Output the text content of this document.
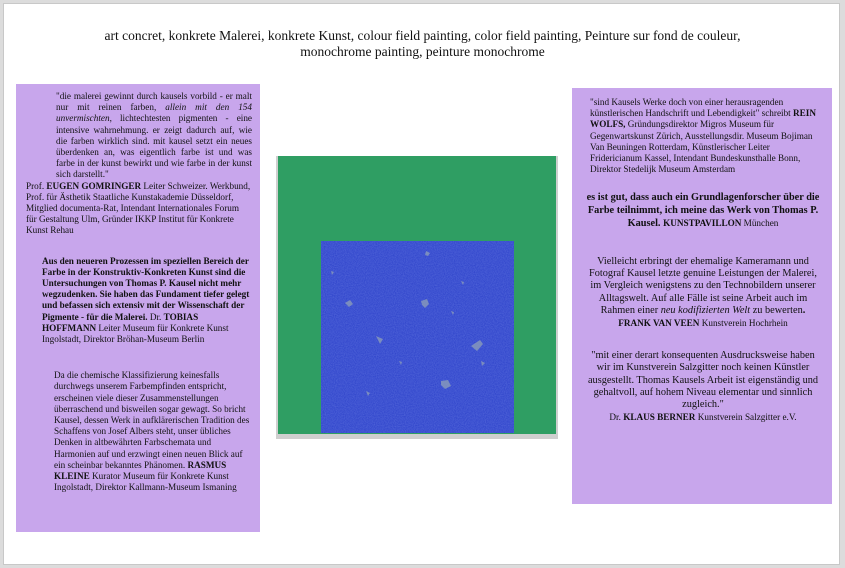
art concret, konkrete Malerei, konkrete Kunst, colour field painting, color field painting, Peinture sur fond de couleur,
monochrome painting, peinture monochrome

"die malerei gewinnt durch kausels vorbild - er malt nur mit reinen farben, allein mit den 154 unvermischten, lichtechtesten pigmenten - eine intensive wahrnehmung. er zeigt dadurch auf, wie die farben wirklich sind. mit kausel setzt ein neues überdenken an, was eigentlich farbe ist und was farbe in der kunst bewirkt und wie farbe in der kunst sich darstellt."

Prof. EUGEN GOMRINGER Leiter Schweizer. Werkbund, Prof. für Ästhetik Staatliche Kunstakademie Düsseldorf, Mitglied documenta-Rat, Intendant Internationales Forum für Gestaltung Ulm, Gründer IKKP Institut für Konkrete Kunst Rehau

Aus den neueren Prozessen im speziellen Bereich der Farbe in der Konstruktiv-Konkreten Kunst sind die Untersuchungen von Thomas P. Kausel nicht mehr wegzudenken. Sie haben das Fundament tiefer gelegt und befassen sich extensiv mit der Wissenschaft der Pigmente - für die Malerei. Dr. TOBIAS HOFFMANN Leiter Museum für Konkrete Kunst Ingolstadt, Direktor Bröhan-Museum Berlin

Da die chemische Klassifizierung keinesfalls durchwegs unserem Farbempfinden entspricht, erscheinen viele dieser Zusammenstellungen überraschend und bisweilen sogar gewagt. So bricht Kausel, dessen Werk in aufklärerischen Tradition des Schaffens von Josef Albers steht, unser übliches Denken in altbewährten Farbschemata und Harmonien auf und erzwingt einen neuen Blick auf ein scheinbar bekanntes Phänomen. RASMUS KLEINE Kurator Museum für Konkrete Kunst Ingolstadt, Direktor Kallmann-Museum Ismaning

"sind Kausels Werke doch von einer herausragenden künstlerischen Handschrift und Lebendigkeit" schreibt REIN WOLFS, Gründungsdirektor Migros Museum für Gegenwartskunst Zürich, Ausstellungsdir. Museum Bojiman Van Beuningen Rotterdam, Künstlerischer Leiter Fridericianum Kassel, Intendant Bundeskunsthalle Bonn, Direktor Stedelijk Museum Amsterdam

es ist gut, dass auch ein Grundlagenforscher über die Farbe teilnimmt, ich meine das Werk von Thomas P. Kausel. KUNSTPAVILLON München

Vielleicht erbringt der ehemalige Kameramann und Fotograf Kausel letzte genuine Leistungen der Malerei, im Vergleich wenigstens zu den Technobildern unserer Alltagswelt. Auf alle Fälle ist seine Arbeit auch im Rahmen einer neu kodifizierten Welt zu bewerten.
FRANK VAN VEEN Kunstverein Hochrhein

"mit einer derart konsequenten Ausdrucksweise haben wir im Kunstverein Salzgitter noch keinen Künstler ausgestellt. Thomas Kausels Arbeit ist eigenständig und gehaltvoll, auf hohem Niveau elementar und sinnlich zugleich."
Dr. KLAUS BERNER Kunstverein Salzgitter e.V.
